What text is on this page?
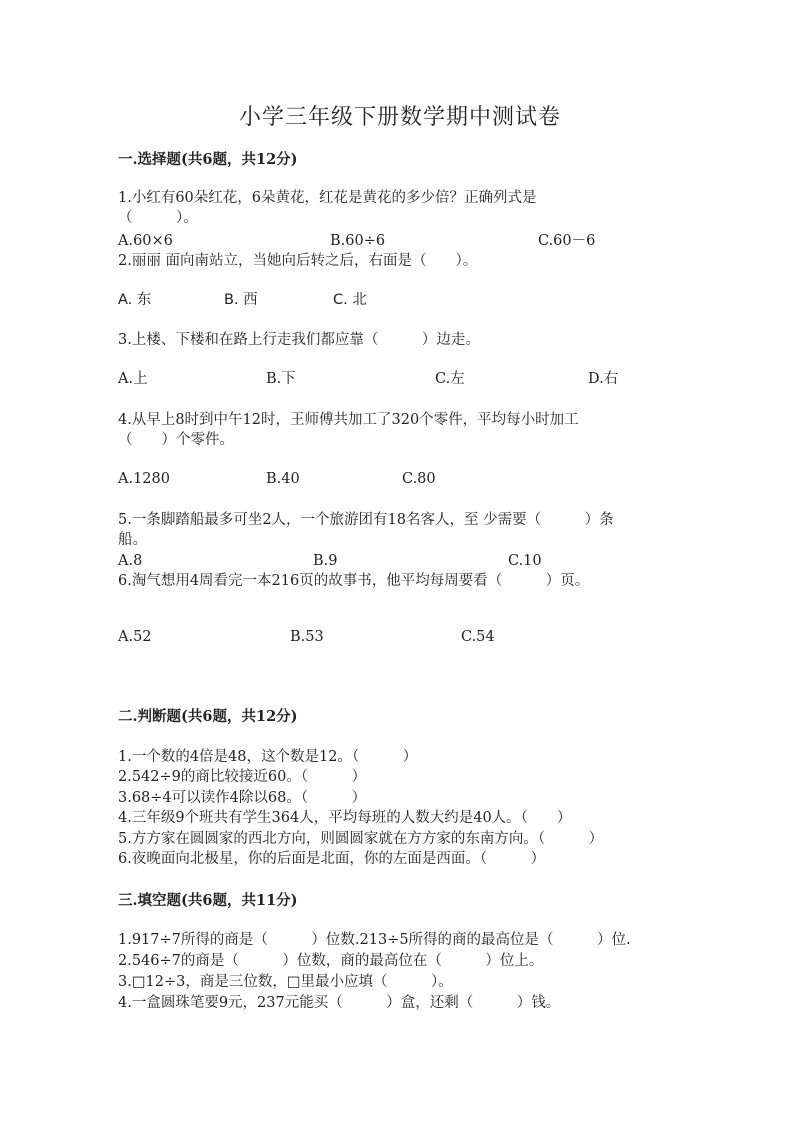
小学三年级下册数学期中测试卷
一.选择题(共6题，共12分)
1.小红有60朵红花，6朵黄花，红花是黄花的多少倍？正确列式是
（　　　）。
A.60×6	B.60÷6	C.60－6
2.丽丽 面向南站立，当她向后转之后，右面是（　　）。
A. 东	B. 西	C. 北
3.上楼、下楼和在路上行走我们都应靠（　　　）边走。
A.上	B.下	C.左	D.右
4.从早上8时到中午12时，王师傅共加工了320个零件，平均每小时加工
（　　）个零件。
A.1280	B.40	C.80
5.一条脚踏船最多可坐2人，一个旅游团有18名客人，至 少需要（　　　）条
船。
A.8	B.9	C.10
6.淘气想用4周看完一本216页的故事书，他平均每周要看（　　　）页。
A.52	B.53	C.54
二.判断题(共6题，共12分)
1.一个数的4倍是48，这个数是12。（　　　）
2.542÷9的商比较接近60。（　　　）
3.68÷4可以读作4除以68。（　　　）
4.三年级9个班共有学生364人，平均每班的人数大约是40人。（　　）
5.方方家在圆圆家的西北方向，则圆圆家就在方方家的东南方向。（　　　）
6.夜晚面向北极星，你的后面是北面，你的左面是西面。（　　　）
三.填空题(共6题，共11分)
1.917÷7所得的商是（　　　）位数.213÷5所得的商的最高位是（　　　）位.
2.546÷7的商是（　　　）位数，商的最高位在（　　　）位上。
3.□12÷3，商是三位数，□里最小应填（　　　）。
4.一盒圆珠笔要9元，237元能买（　　　）盒，还剩（　　　）钱。
